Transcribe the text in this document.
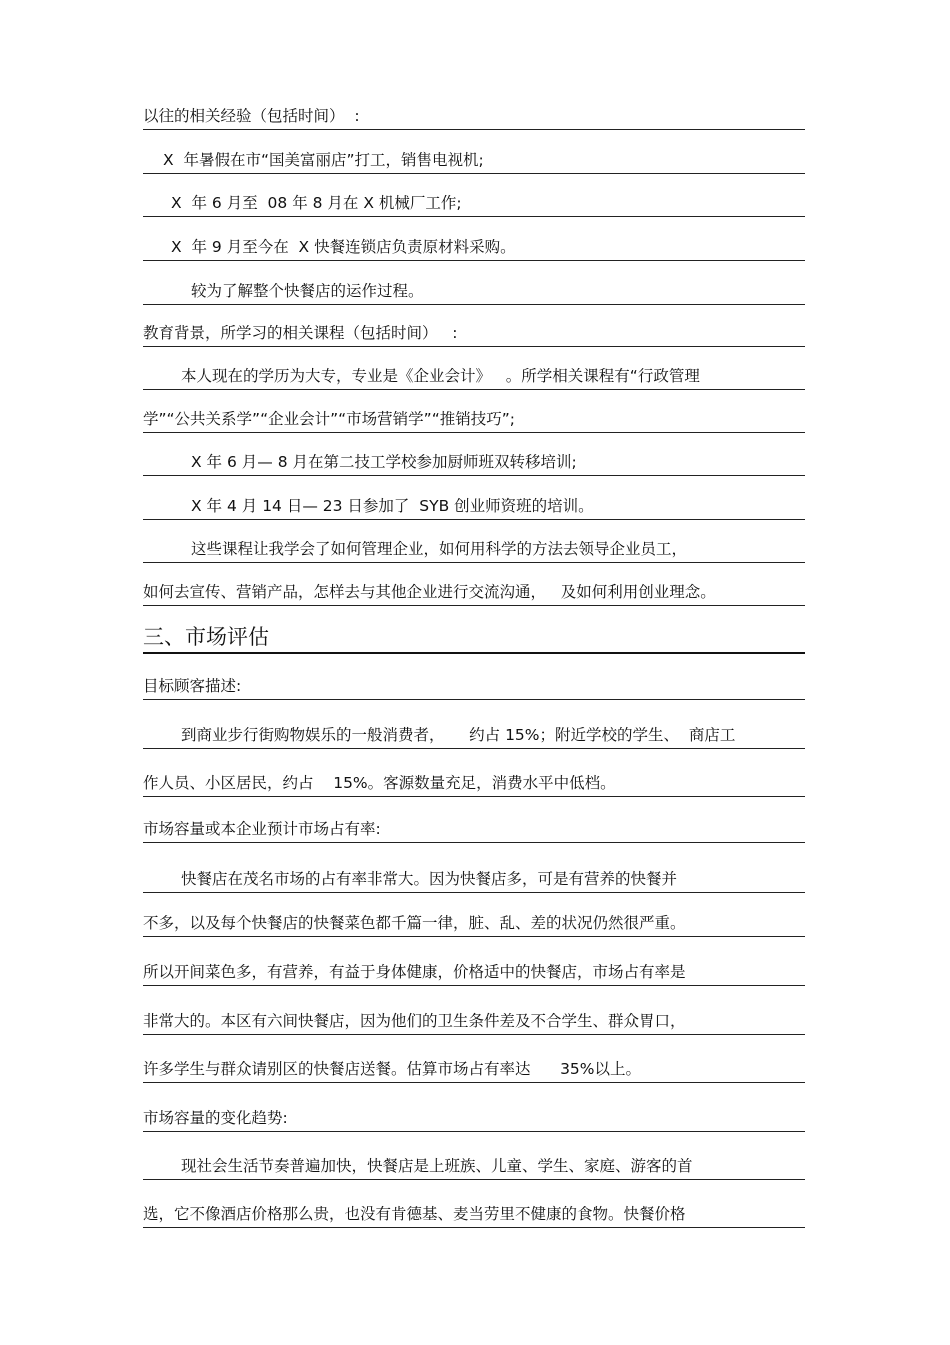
以往的相关经验（包括时间）  :
X  年暑假在市“国美富丽店”打工，销售电视机;
X  年 6 月至  08 年 8 月在 X 机械厂工作;
X  年 9 月至今在  X 快餐连锁店负责原材料采购。
较为了解整个快餐店的运作过程。
教育背景，所学习的相关课程（包括时间）   :
本人现在的学历为大专，专业是《企业会计》   。所学相关课程有“行政管理
学”“公共关系学”“企业会计”“市场营销学”“推销技巧”;
X 年 6 月— 8 月在第二技工学校参加厨师班双转移培训;
X 年 4 月 14 日— 23 日参加了  SYB 创业师资班的培训。
这些课程让我学会了如何管理企业，如何用科学的方法去领导企业员工，
如何去宣传、营销产品，怎样去与其他企业进行交流沟通，   及如何利用创业理念。
三、市场评估
目标顾客描述:
到商业步行街购物娱乐的一般消费者，     约占 15%；附近学校的学生、  商店工
作人员、小区居民，约占    15%。客源数量充足，消费水平中低档。
市场容量或本企业预计市场占有率:
快餐店在茂名市场的占有率非常大。因为快餐店多，可是有营养的快餐并
不多，以及每个快餐店的快餐菜色都千篇一律，脏、乱、差的状况仍然很严重。
所以开间菜色多，有营养，有益于身体健康，价格适中的快餐店，市场占有率是
非常大的。本区有六间快餐店，因为他们的卫生条件差及不合学生、群众胃口，
许多学生与群众请别区的快餐店送餐。估算市场占有率达      35%以上。
市场容量的变化趋势:
现社会生活节奏普遍加快，快餐店是上班族、儿童、学生、家庭、游客的首
选，它不像酒店价格那么贵，也没有肯德基、麦当劳里不健康的食物。快餐价格
